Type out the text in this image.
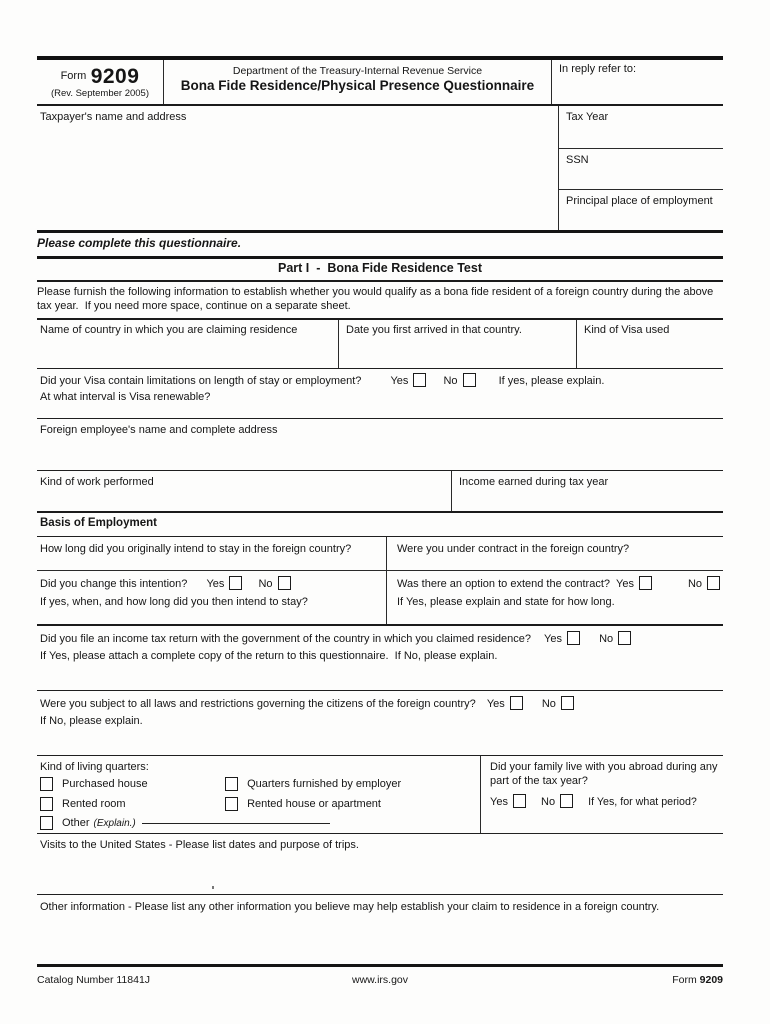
$^{Form}$ 9209
(Rev. September 2005)
Department of the Treasury-Internal Revenue Service
Bona Fide Residence/Physical Presence Questionnaire
In reply refer to:
Taxpayer's name and address	Tax Year
SSN
Principal place of employment
Please complete this questionnaire.
Part I  -  Bona Fide Residence Test
Please furnish the following information to establish whether you would qualify as a bona fide resident of a foreign country during the above tax year.  If you need more space, continue on a separate sheet.
Name of country in which you are claiming residence	Date you first arrived in that country.	Kind of Visa used
Did your Visa contain limitations on length of stay or employment?	Yes	No	If yes, please explain.
At what interval is Visa renewable?
Foreign employee's name and complete address
Kind of work performed	Income earned during tax year
Basis of Employment
How long did you originally intend to stay in the foreign country?	Were you under contract in the foreign country?
Did you change this intention? Yes	No
If yes, when, and how long did you then intend to stay?
Was there an option to extend the contract? Yes	No
If Yes, please explain and state for how long.
Did you file an income tax return with the government of the country in which you claimed residence? Yes	No
If Yes, please attach a complete copy of the return to this questionnaire.  If No, please explain.
Were you subject to all laws and restrictions governing the citizens of the foreign country? Yes	No
If No, please explain.
Kind of living quarters:
Purchased house
	Quarters furnished by employer
Rented room
	Rented house or apartment
Other (Explain.)
Did your family live with you abroad during any part of the tax year?
Yes	No	If Yes, for what period?
Visits to the United States - Please list dates and purpose of trips.
Other information - Please list any other information you believe may help establish your claim to residence in a foreign country.
Catalog Number 11841J	www.irs.gov	Form 9209
